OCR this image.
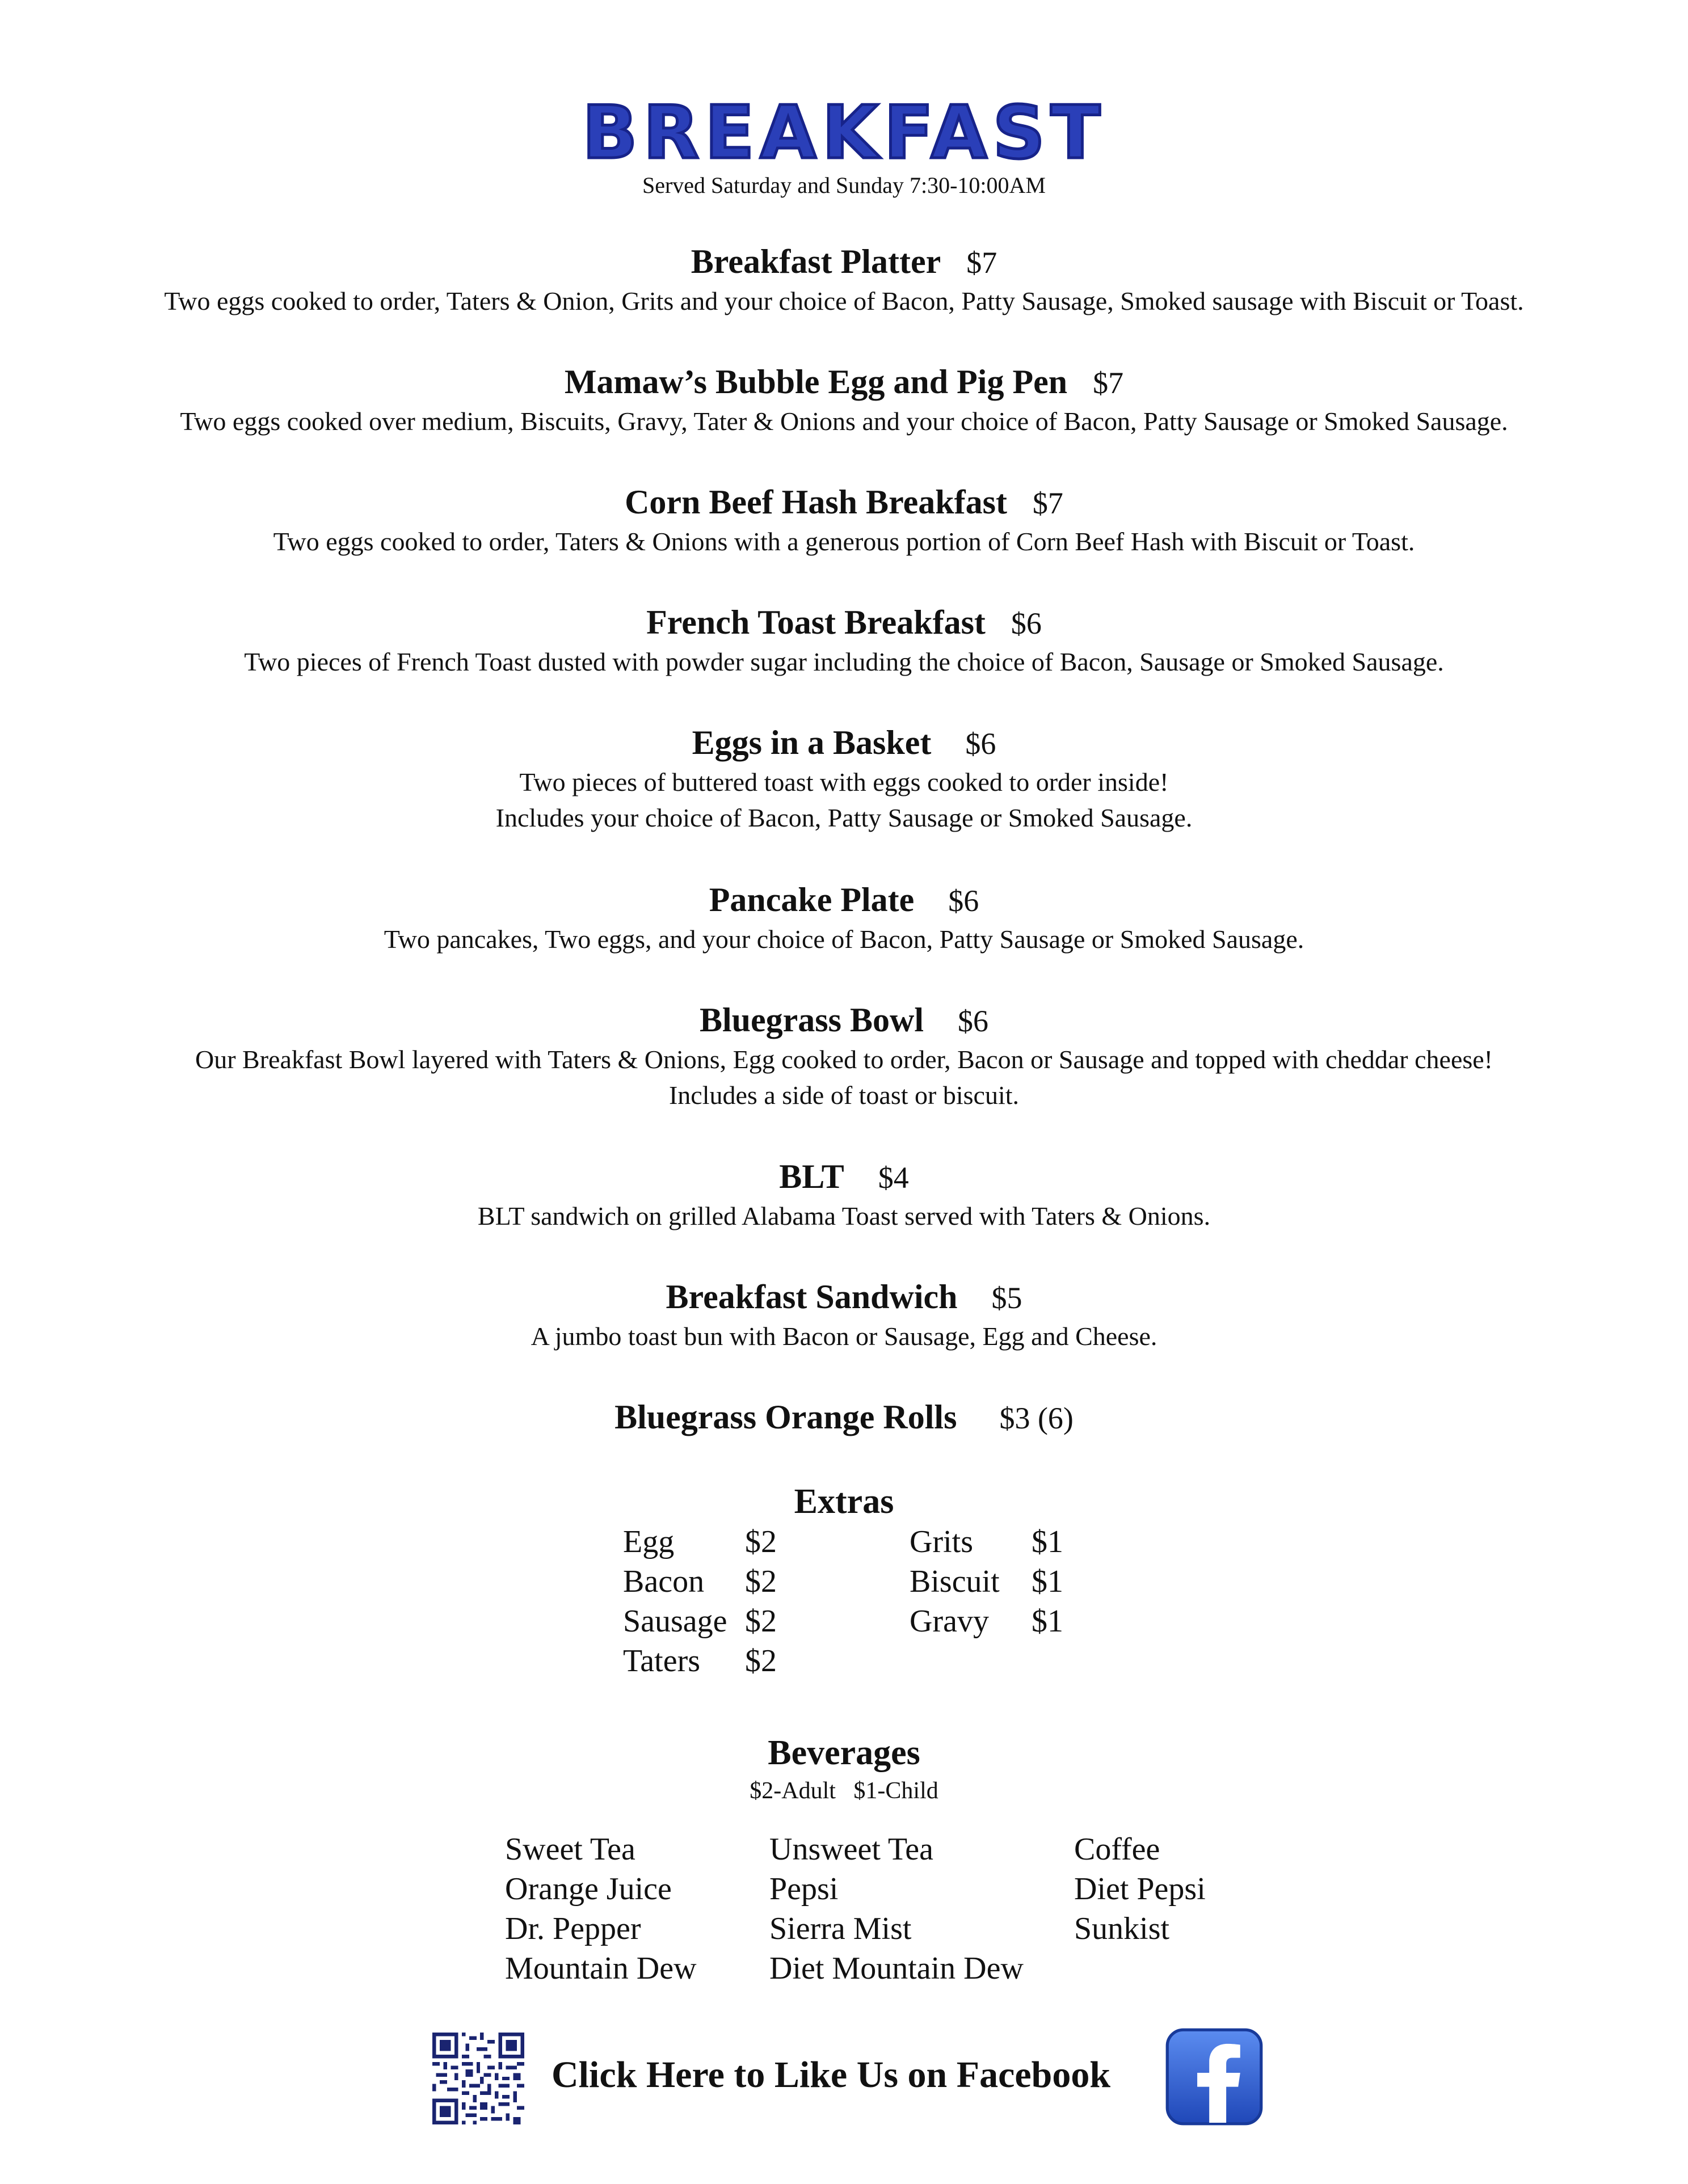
BREAKFAST
Served Saturday and Sunday 7:30-10:00AM
Breakfast Platter $7
Two eggs cooked to order, Taters & Onion, Grits and your choice of Bacon, Patty Sausage, Smoked sausage with Biscuit or Toast.
Mamaw’s Bubble Egg and Pig Pen $7
Two eggs cooked over medium, Biscuits, Gravy, Tater & Onions and your choice of Bacon, Patty Sausage or Smoked Sausage.
Corn Beef Hash Breakfast $7
Two eggs cooked to order, Taters & Onions with a generous portion of Corn Beef Hash with Biscuit or Toast.
French Toast Breakfast $6
Two pieces of French Toast dusted with powder sugar including the choice of Bacon, Sausage or Smoked Sausage.
Eggs in a Basket $6
Two pieces of buttered toast with eggs cooked to order inside!
Includes your choice of Bacon, Patty Sausage or Smoked Sausage.
Pancake Plate $6
Two pancakes, Two eggs, and your choice of Bacon, Patty Sausage or Smoked Sausage.
Bluegrass Bowl $6
Our Breakfast Bowl layered with Taters & Onions, Egg cooked to order, Bacon or Sausage and topped with cheddar cheese!
Includes a side of toast or biscuit.
BLT $4
BLT sandwich on grilled Alabama Toast served with Taters & Onions.
Breakfast Sandwich $5
A jumbo toast bun with Bacon or Sausage, Egg and Cheese.
Bluegrass Orange Rolls $3 (6)
Extras
Egg	$2
Bacon	$2
Sausage $2
Taters	$2
Grits	$1
Biscuit	$1
Gravy	$1
Beverages
$2-Adult   $1-Child
Sweet Tea
Orange Juice
Dr. Pepper
Mountain Dew
Unsweet Tea
Pepsi
Sierra Mist
Diet Mountain Dew
Coffee
Diet Pepsi
Sunkist
Click Here to Like Us on Facebook
